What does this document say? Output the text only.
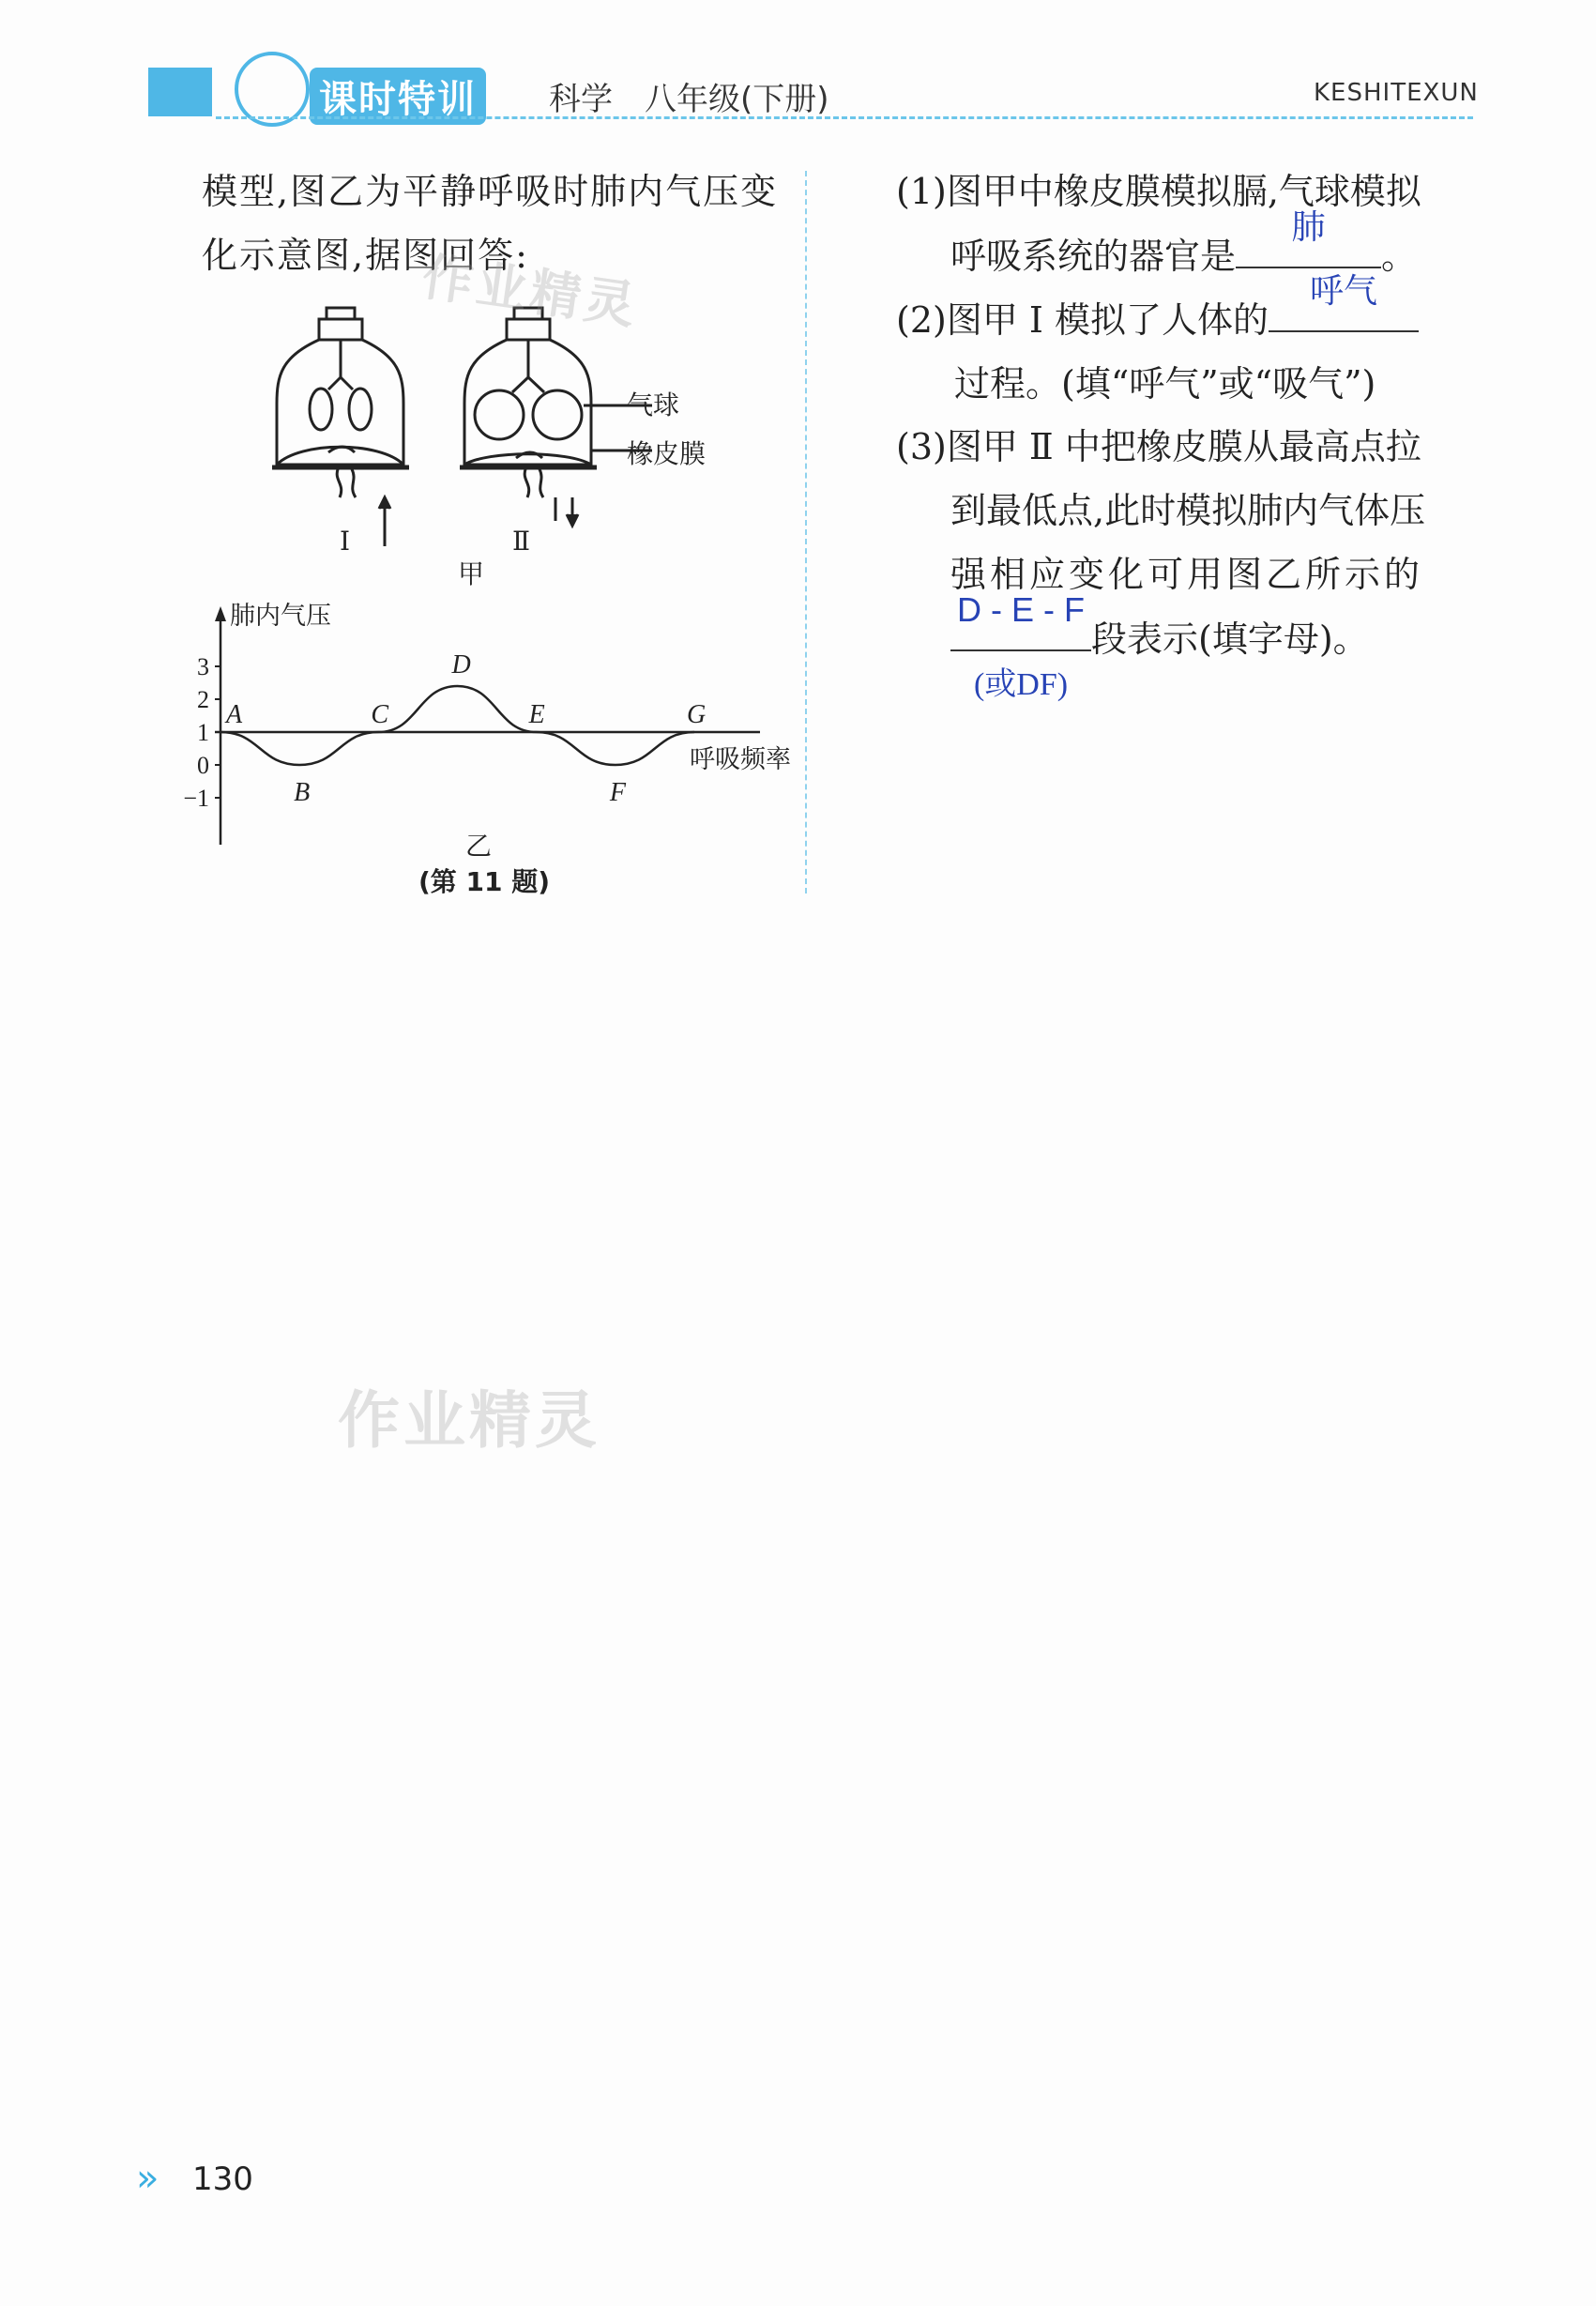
课时特训 科学　八年级(下册)	KESHITEXUN
模型,图乙为平静呼吸时肺内气压变化示意图,据图回答:
气球
橡皮膜
Ⅰ	Ⅱ
甲
肺内气压
呼吸频率
3
2
1
0
−1
A
B
C
D
E
F
G
乙
(第 11 题)
(1)图甲中橡皮膜模拟膈,气球模拟
呼吸系统的器官是
肺
。
(2)图甲 Ⅰ 模拟了人体的
呼气
过程。(填“呼气”或“吸气”)
(3)图甲 Ⅱ 中把橡皮膜从最高点拉
到最低点,此时模拟肺内气体压
强相应变化可用图乙所示的
D - E - F
(或DF)
段表示(填字母)。
作业精灵
作业精灵
» 130
